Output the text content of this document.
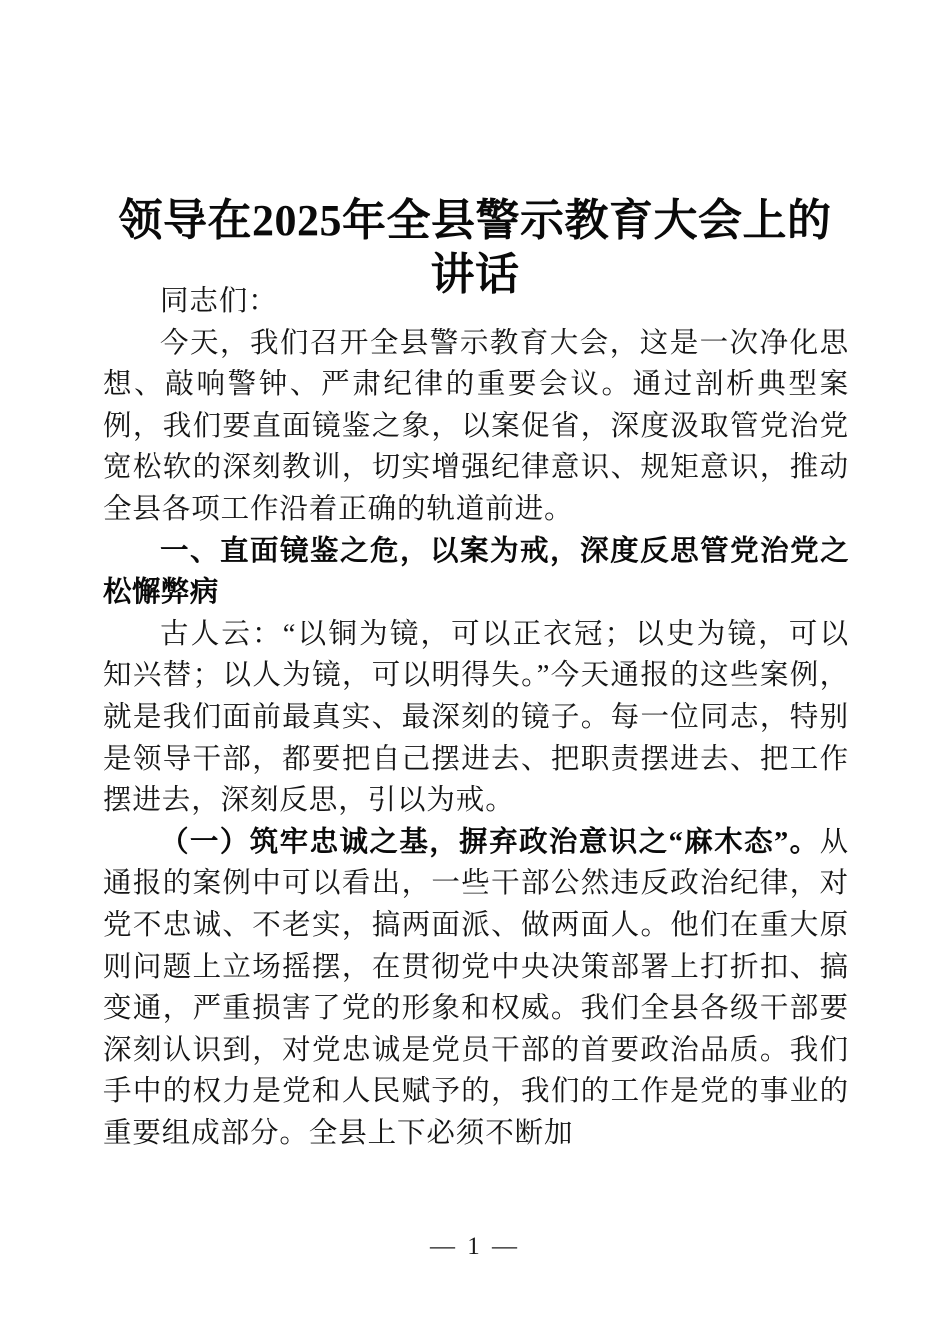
领导在2025年全县警示教育大会上的讲话

同志们：

今天，我们召开全县警示教育大会，这是一次净化思想、敲响警钟、严肃纪律的重要会议。通过剖析典型案例，我们要直面镜鉴之象，以案促省，深度汲取管党治党宽松软的深刻教训，切实增强纪律意识、规矩意识，推动全县各项工作沿着正确的轨道前进。

一、直面镜鉴之危，以案为戒，深度反思管党治党之松懈弊病

古人云：“以铜为镜，可以正衣冠；以史为镜，可以知兴替；以人为镜，可以明得失。”今天通报的这些案例，就是我们面前最真实、最深刻的镜子。每一位同志，特别是领导干部，都要把自己摆进去、把职责摆进去、把工作摆进去，深刻反思，引以为戒。

（一）筑牢忠诚之基，摒弃政治意识之“麻木态”。从通报的案例中可以看出，一些干部公然违反政治纪律，对党不忠诚、不老实，搞两面派、做两面人。他们在重大原则问题上立场摇摆，在贯彻党中央决策部署上打折扣、搞变通，严重损害了党的形象和权威。我们全县各级干部要深刻认识到，对党忠诚是党员干部的首要政治品质。我们手中的权力是党和人民赋予的，我们的工作是党的事业的重要组成部分。全县上下必须不断加

— 1 —
